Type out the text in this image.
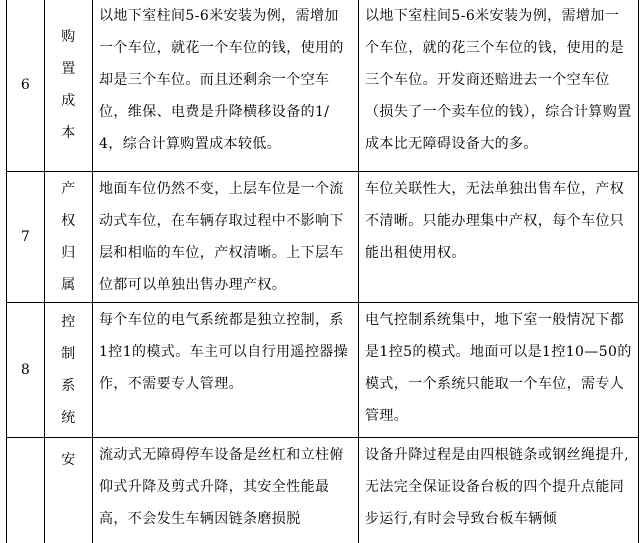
6	购
置
成
本	以地下室柱间5-6米安装为例，需增加一个车位，就花一个车位的钱，使用的却是三个车位。而且还剩余一个空车位，维保、电费是升降横移设备的1/4，综合计算购置成本较低。	以地下室柱间5-6米安装为例，需增加一个车位，就的花三个车位的钱，使用的是三个车位。开发商还赔进去一个空车位（损失了一个卖车位的钱），综合计算购置成本比无障碍设备大的多。
7	产
权
归
属	地面车位仍然不变，上层车位是一个流动式车位，在车辆存取过程中不影响下层和相临的车位，产权清晰。上下层车位都可以单独出售办理产权。	车位关联性大，无法单独出售车位，产权不清晰。只能办理集中产权，每个车位只能出租使用权。
8	控
制
系
统	每个车位的电气系统都是独立控制，系1控1的模式。车主可以自行用遥控器操作，不需要专人管理。	电气控制系统集中，地下室一般情况下都是1控5的模式。地面可以是1控10—50的模式，一个系统只能取一个车位，需专人管理。

	安	流动式无障碍停车设备是丝杠和立柱俯仰式升降及剪式升降，其安全性能最高，不会发生车辆因链条磨损脱	设备升降过程是由四根链条或钢丝绳提升,无法完全保证设备台板的四个提升点能同步运行,有时会导致台板车辆倾
